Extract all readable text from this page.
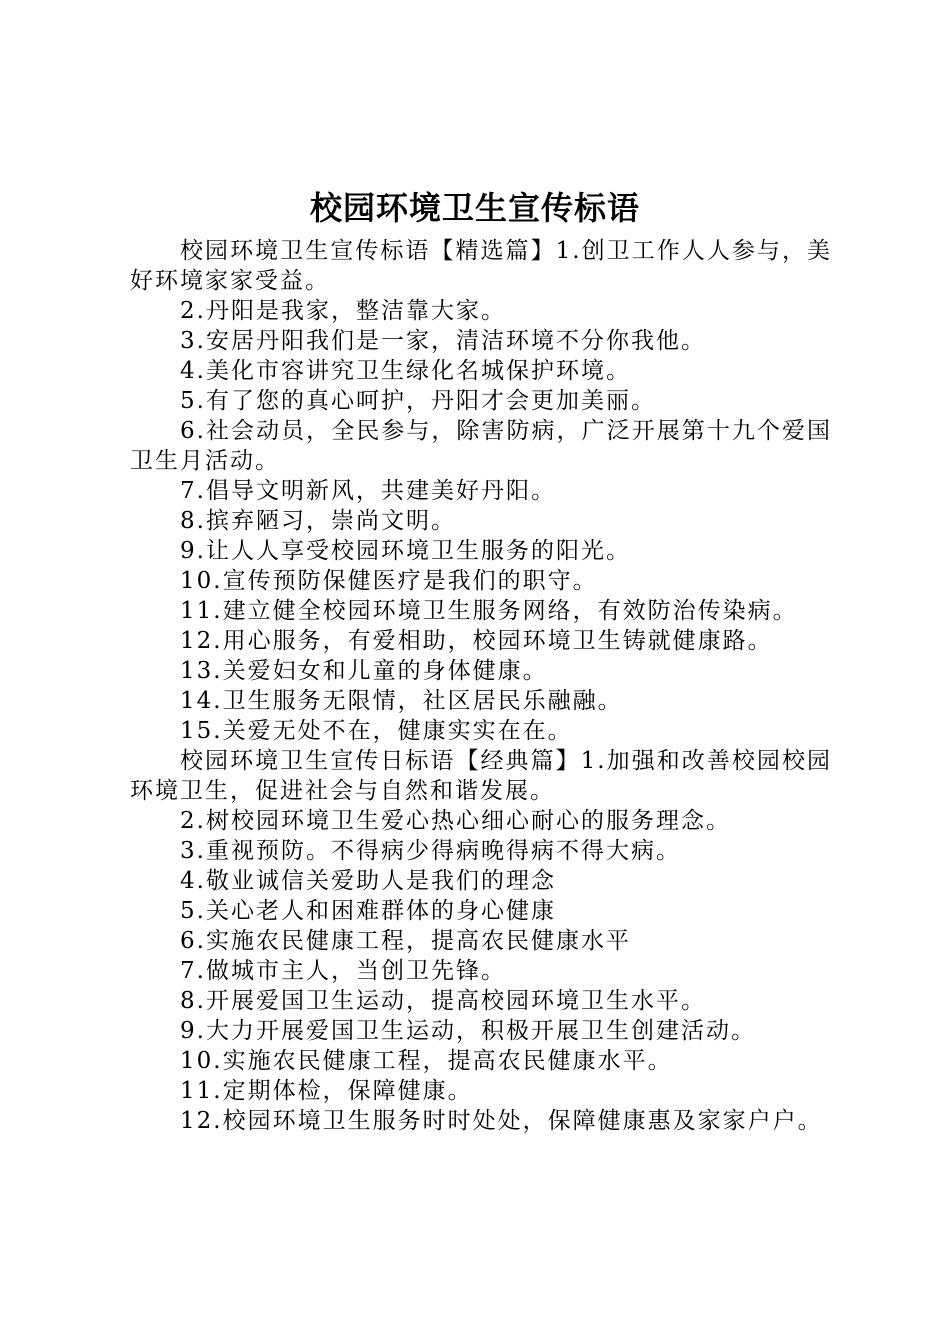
校园环境卫生宣传标语

校园环境卫生宣传标语【精选篇】1.创卫工作人人参与，美好环境家家受益。

2.丹阳是我家，整洁靠大家。

3.安居丹阳我们是一家，清洁环境不分你我他。

4.美化市容讲究卫生绿化名城保护环境。

5.有了您的真心呵护，丹阳才会更加美丽。

6.社会动员，全民参与，除害防病，广泛开展第十九个爱国卫生月活动。

7.倡导文明新风，共建美好丹阳。

8.摈弃陋习，崇尚文明。

9.让人人享受校园环境卫生服务的阳光。

10.宣传预防保健医疗是我们的职守。

11.建立健全校园环境卫生服务网络，有效防治传染病。

12.用心服务，有爱相助，校园环境卫生铸就健康路。

13.关爱妇女和儿童的身体健康。

14.卫生服务无限情，社区居民乐融融。

15.关爱无处不在，健康实实在在。

校园环境卫生宣传日标语【经典篇】1.加强和改善校园校园环境卫生，促进社会与自然和谐发展。

2.树校园环境卫生爱心热心细心耐心的服务理念。

3.重视预防。不得病少得病晚得病不得大病。

4.敬业诚信关爱助人是我们的理念

5.关心老人和困难群体的身心健康

6.实施农民健康工程，提高农民健康水平

7.做城市主人，当创卫先锋。

8.开展爱国卫生运动，提高校园环境卫生水平。

9.大力开展爱国卫生运动，积极开展卫生创建活动。

10.实施农民健康工程，提高农民健康水平。

11.定期体检，保障健康。

12.校园环境卫生服务时时处处，保障健康惠及家家户户。
